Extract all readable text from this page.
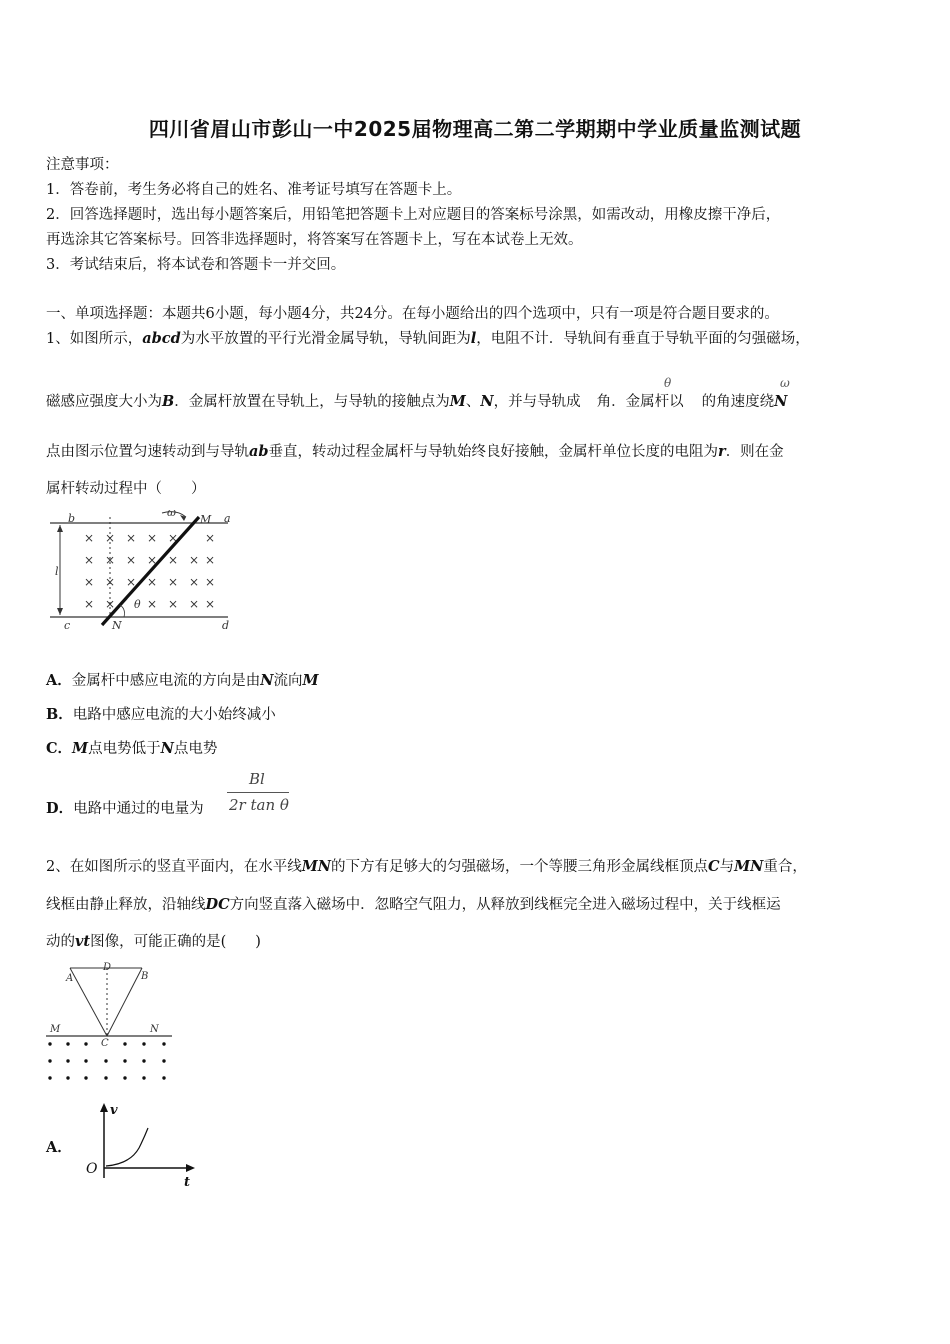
四川省眉山市彭山一中2025届物理高二第二学期期中学业质量监测试题
注意事项：
1．答卷前，考生务必将自己的姓名、准考证号填写在答题卡上。
2．回答选择题时，选出每小题答案后，用铅笔把答题卡上对应题目的答案标号涂黑，如需改动，用橡皮擦干净后，
再选涂其它答案标号。回答非选择题时，将答案写在答题卡上，写在本试卷上无效。
3．考试结束后，将本试卷和答题卡一并交回。
一、单项选择题：本题共6小题，每小题4分，共24分。在每小题给出的四个选项中，只有一项是符合题目要求的。
1、如图所示，abcd为水平放置的平行光滑金属导轨，导轨间距为l，电阻不计．导轨间有垂直于导轨平面的匀强磁场，
磁感应强度大小为B．金属杆放置在导轨上，与导轨的接触点为M、N，并与导轨成 角．金属杆以 的角速度绕N
θ	ω
点由图示位置匀速转动到与导轨ab垂直，转动过程金属杆与导轨始终良好接触，金属杆单位长度的电阻为r．则在金
属杆转动过程中（　　）
× × × × × ×
× × × × × × ×
× × × × × × ×
× ×	× × × ×
b	a
c	d
M
N
l
ω
θ
A．金属杆中感应电流的方向是由N流向M
B．电路中感应电流的大小始终减小
C．M点电势低于N点电势
D．电路中通过的电量为
Bl
2r tan θ
2、在如图所示的竖直平面内，在水平线MN的下方有足够大的匀强磁场，一个等腰三角形金属线框顶点C与MN重合，
线框由静止释放，沿轴线DC方向竖直落入磁场中．忽略空气阻力，从释放到线框完全进入磁场过程中，关于线框运
动的vt图像，可能正确的是(　　)
A
D
B
M	N
C
A．
v
t
O
